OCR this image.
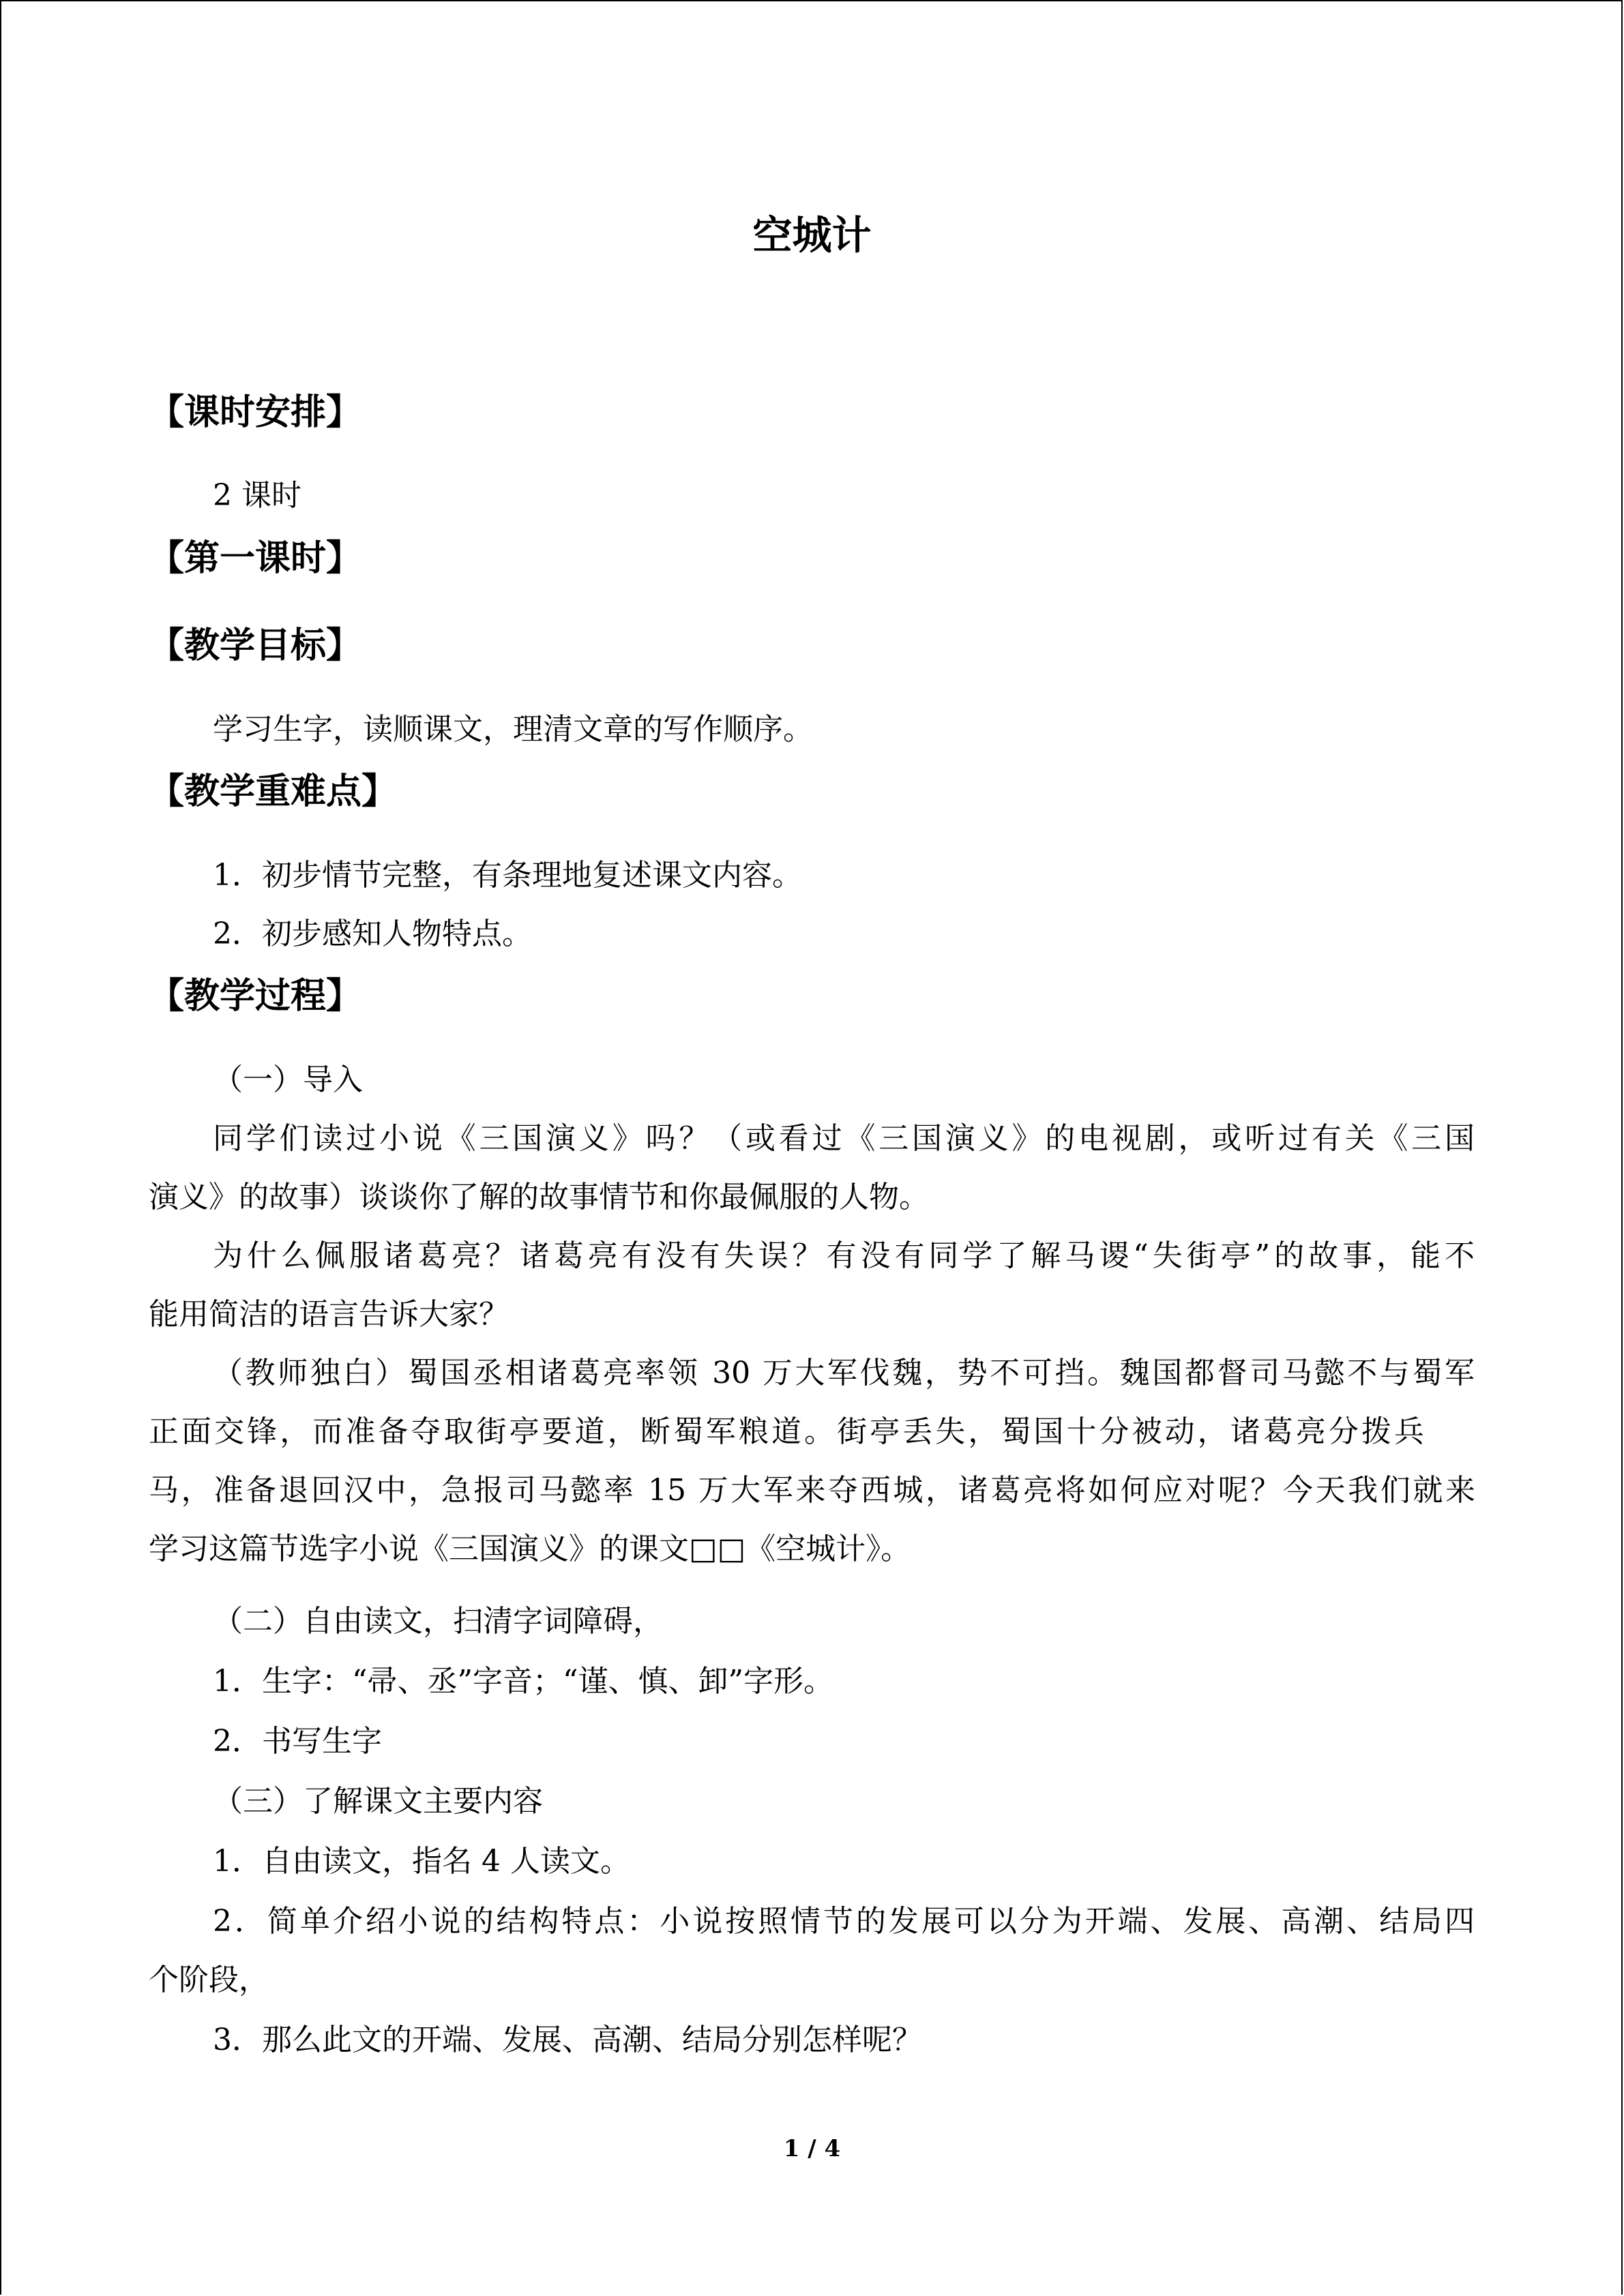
空城计

【课时安排】

2 课时

【第一课时】

【教学目标】

学习生字，读顺课文，理清文章的写作顺序。

【教学重难点】

1．初步情节完整，有条理地复述课文内容。

2．初步感知人物特点。

【教学过程】

（一）导入

同学们读过小说《三国演义》吗？（或看过《三国演义》的电视剧，或听过有关《三国

演义》的故事）谈谈你了解的故事情节和你最佩服的人物。

为什么佩服诸葛亮？诸葛亮有没有失误？有没有同学了解马谡“失街亭”的故事，能不

能用简洁的语言告诉大家？

（教师独白）蜀国丞相诸葛亮率领 30 万大军伐魏，势不可挡。魏国都督司马懿不与蜀军

正面交锋，而准备夺取街亭要道，断蜀军粮道。街亭丢失，蜀国十分被动，诸葛亮分拨兵

马，准备退回汉中，急报司马懿率 15 万大军来夺西城，诸葛亮将如何应对呢？今天我们就来

学习这篇节选字小说《三国演义》的课文□□《空城计》。

（二）自由读文，扫清字词障碍，

1．生字：“帚、丞”字音；“谨、慎、卸”字形。

2．书写生字

（三）了解课文主要内容

1．自由读文，指名 4 人读文。

2．简单介绍小说的结构特点：小说按照情节的发展可以分为开端、发展、高潮、结局四

个阶段，

3．那么此文的开端、发展、高潮、结局分别怎样呢？

1 / 4
